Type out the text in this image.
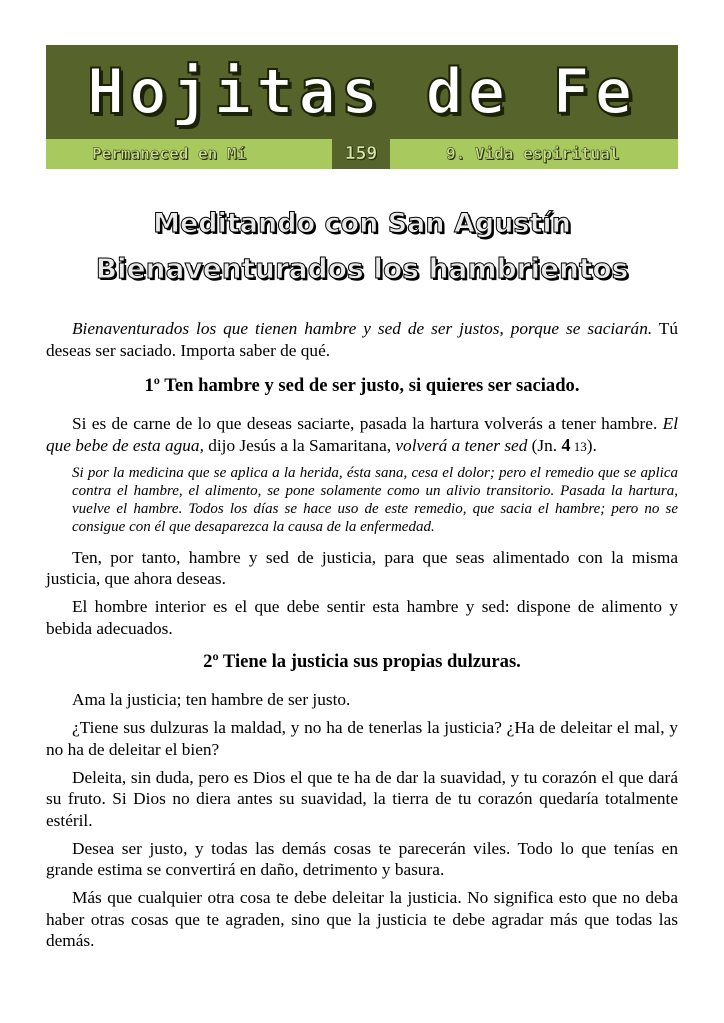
Hojitas de Fe
Permaneced en Mí	159	9. Vida espiritual
Meditando con San Agustín
Bienaventurados los hambrientos

Bienaventurados los que tienen hambre y sed de ser justos, porque se saciarán. Tú deseas ser saciado. Importa saber de qué.

1º Ten hambre y sed de ser justo, si quieres ser saciado.

Si es de carne de lo que deseas saciarte, pasada la hartura volverás a tener hambre. El que bebe de esta agua, dijo Jesús a la Samaritana, volverá a tener sed (Jn. 4 13).

Si por la medicina que se aplica a la herida, ésta sana, cesa el dolor; pero el remedio que se aplica contra el hambre, el alimento, se pone solamente como un alivio transitorio. Pasada la hartura, vuelve el hambre. Todos los días se hace uso de este remedio, que sacia el hambre; pero no se consigue con él que desaparezca la causa de la enfermedad.

Ten, por tanto, hambre y sed de justicia, para que seas alimentado con la misma justicia, que ahora deseas.

El hombre interior es el que debe sentir esta hambre y sed: dispone de alimento y bebida adecuados.

2º Tiene la justicia sus propias dulzuras.

Ama la justicia; ten hambre de ser justo.

¿Tiene sus dulzuras la maldad, y no ha de tenerlas la justicia? ¿Ha de deleitar el mal, y no ha de deleitar el bien?

Deleita, sin duda, pero es Dios el que te ha de dar la suavidad, y tu corazón el que dará su fruto. Si Dios no diera antes su suavidad, la tierra de tu corazón quedaría totalmente estéril.

Desea ser justo, y todas las demás cosas te parecerán viles. Todo lo que tenías en grande estima se convertirá en daño, detrimento y basura.

Más que cualquier otra cosa te debe deleitar la justicia. No significa esto que no deba haber otras cosas que te agraden, sino que la justicia te debe agradar más que todas las demás.
